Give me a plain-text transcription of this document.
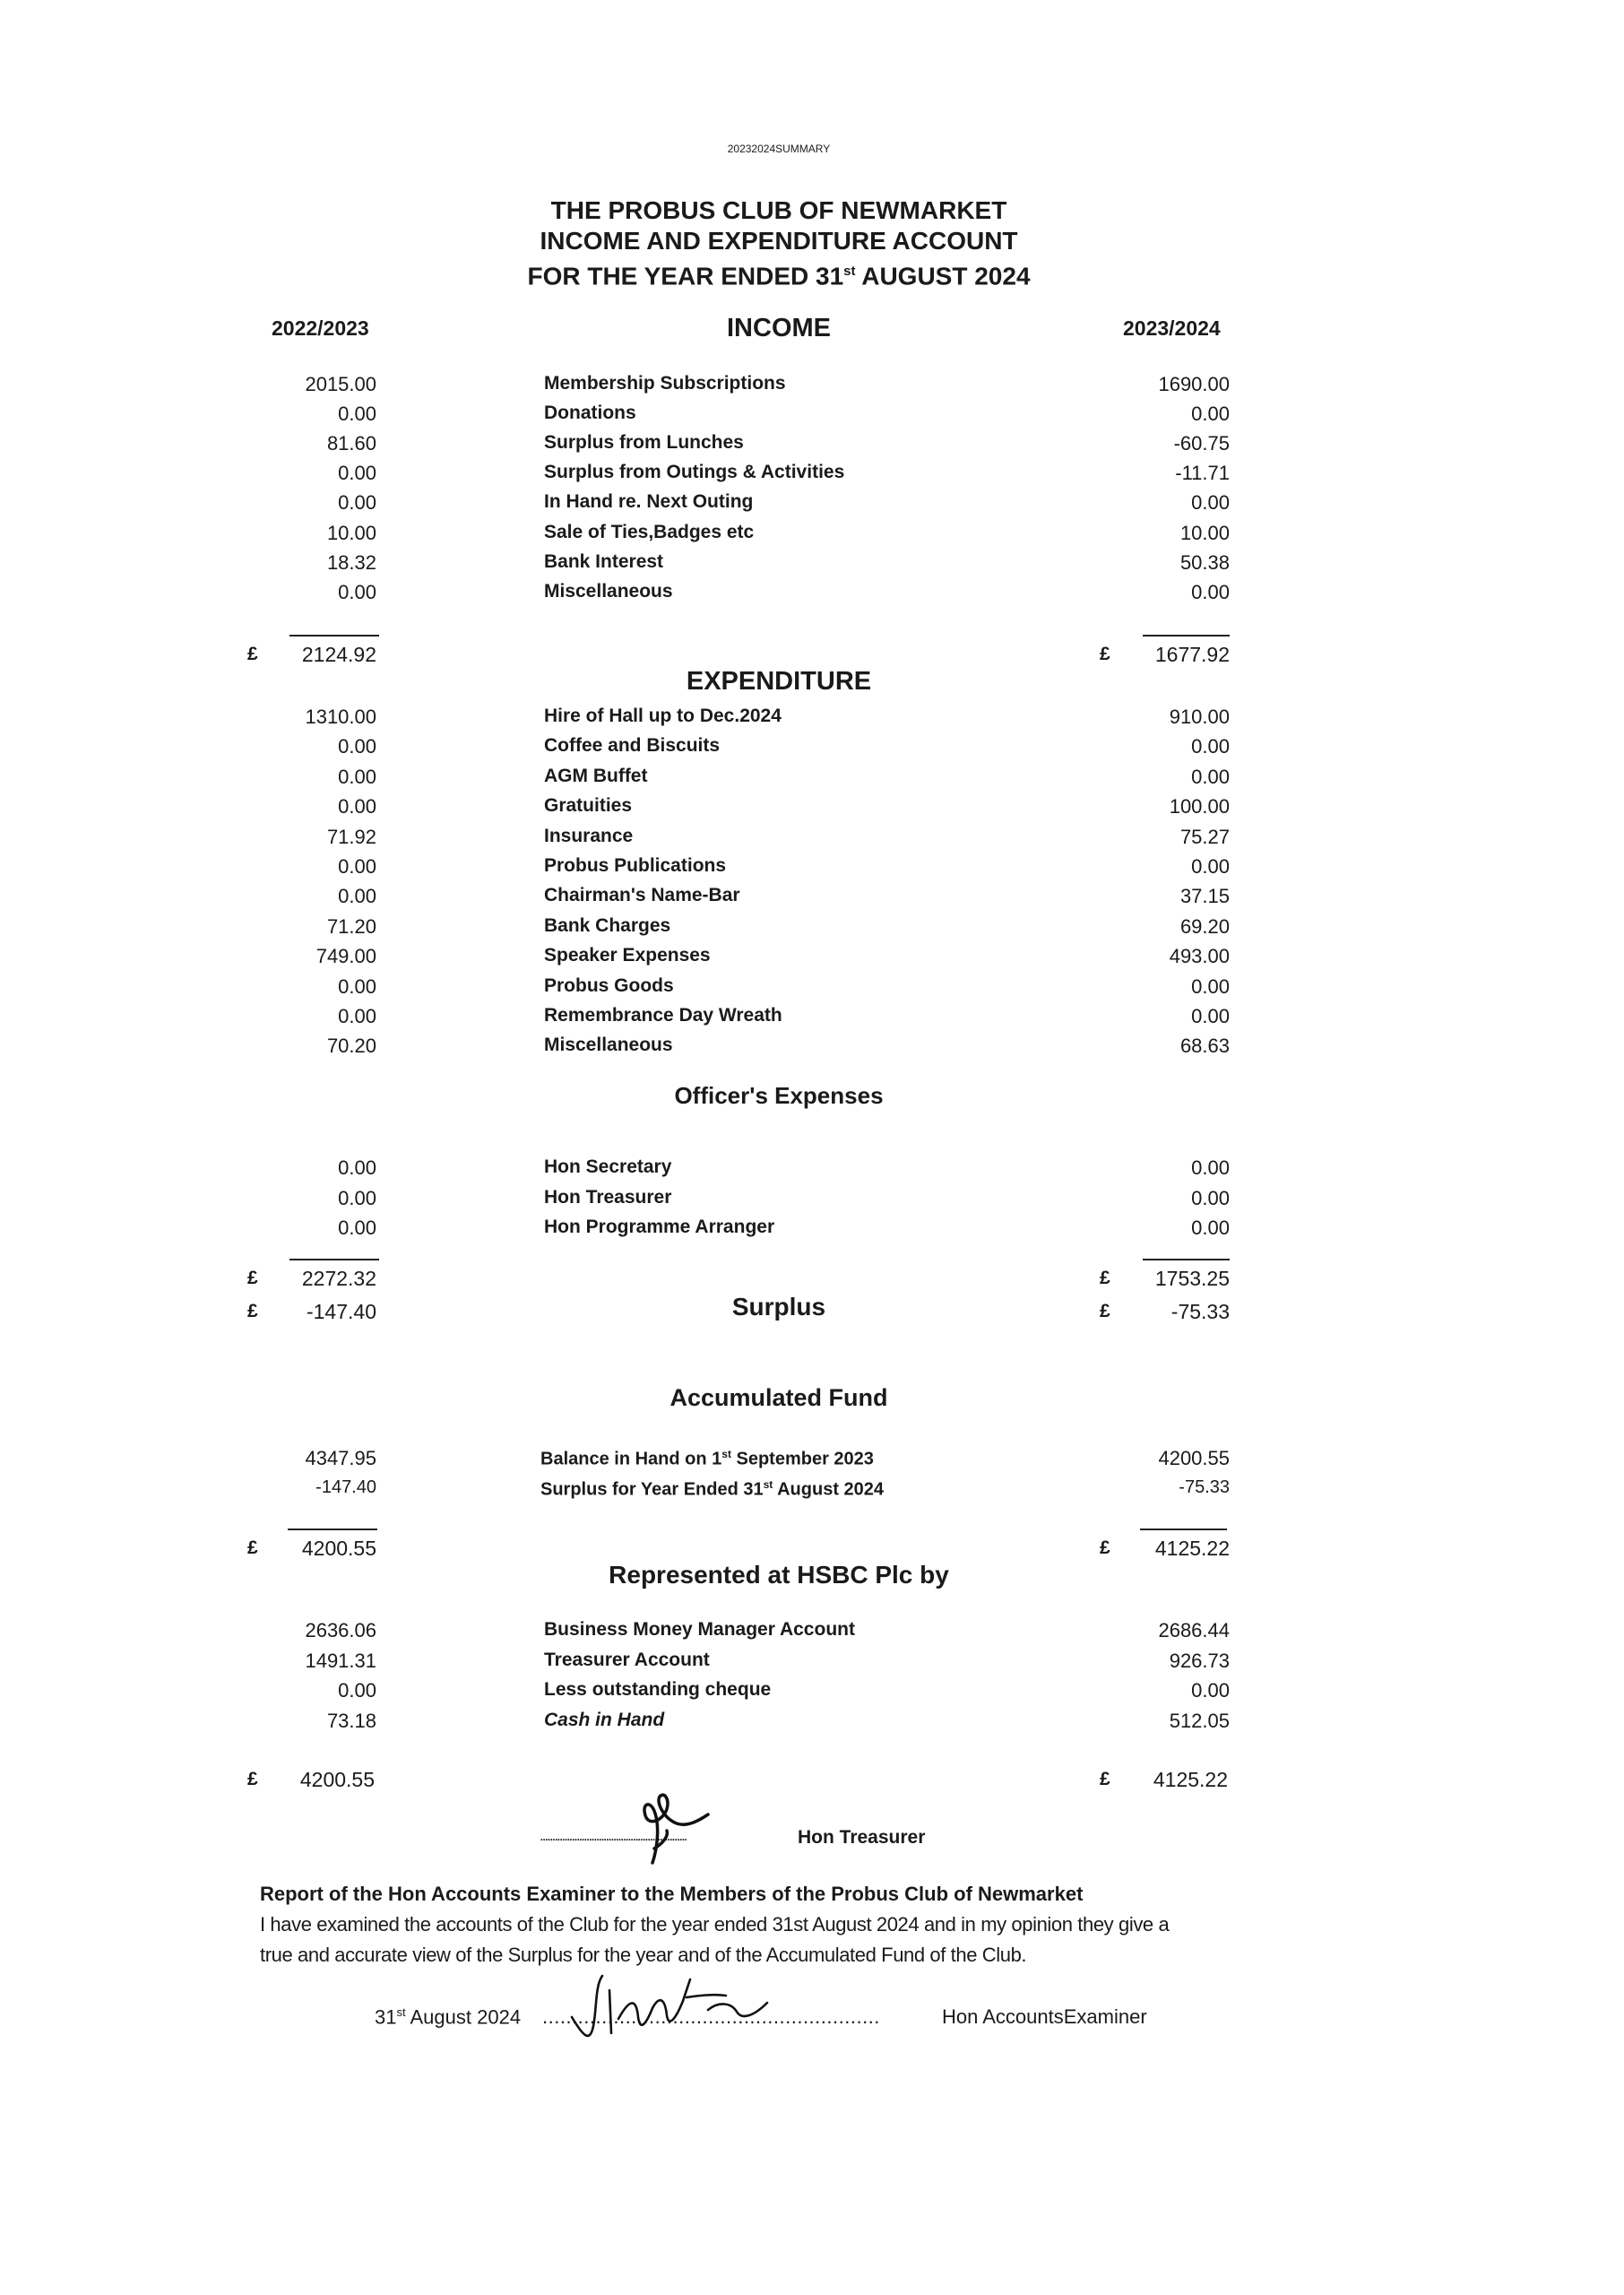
20232024SUMMARY
THE PROBUS CLUB OF NEWMARKET
INCOME AND EXPENDITURE ACCOUNT
FOR THE YEAR ENDED 31st AUGUST 2024
2022/2023	2023/2024
INCOME
2015.00	Membership Subscriptions	1690.00
0.00	Donations	0.00
81.60	Surplus from Lunches	-60.75
0.00	Surplus from Outings & Activities	-11.71
0.00	In Hand re. Next Outing	0.00
10.00	Sale of Ties,Badges etc	10.00
18.32	Bank Interest	50.38
0.00	Miscellaneous	0.00
£	2124.92	£	1677.92
EXPENDITURE
1310.00	Hire of Hall up to Dec.2024	910.00
0.00	Coffee and Biscuits	0.00
0.00	AGM Buffet	0.00
0.00	Gratuities	100.00
71.92	Insurance	75.27
0.00	Probus Publications	0.00
0.00	Chairman's Name-Bar	37.15
71.20	Bank Charges	69.20
749.00	Speaker Expenses	493.00
0.00	Probus Goods	0.00
0.00	Remembrance Day Wreath	0.00
70.20	Miscellaneous	68.63
Officer's Expenses
0.00	Hon Secretary	0.00
0.00	Hon Treasurer	0.00
0.00	Hon Programme Arranger	0.00
£	2272.32	£	1753.25
£	-147.40	Surplus	£	-75.33
Accumulated Fund
4347.95	Balance in Hand on 1st September 2023	4200.55
-147.40	Surplus for Year Ended 31st August 2024	-75.33
£	4200.55	£	4125.22
Represented at HSBC Plc by
2636.06	Business Money Manager Account	2686.44
1491.31	Treasurer Account	926.73
0.00	Less outstanding cheque	0.00
73.18	Cash in Hand	512.05
£	4200.55	£	4125.22
............................................................	Hon Treasurer
Report of the Hon Accounts Examiner to the Members of the Probus Club of Newmarket
I have examined the accounts of the Club for the year ended 31st August 2024 and in my opinion they give a
true and accurate view of the Surplus for the year and of the Accumulated Fund of the Club.
31st August 2024 .........................................................	Hon AccountsExaminer
